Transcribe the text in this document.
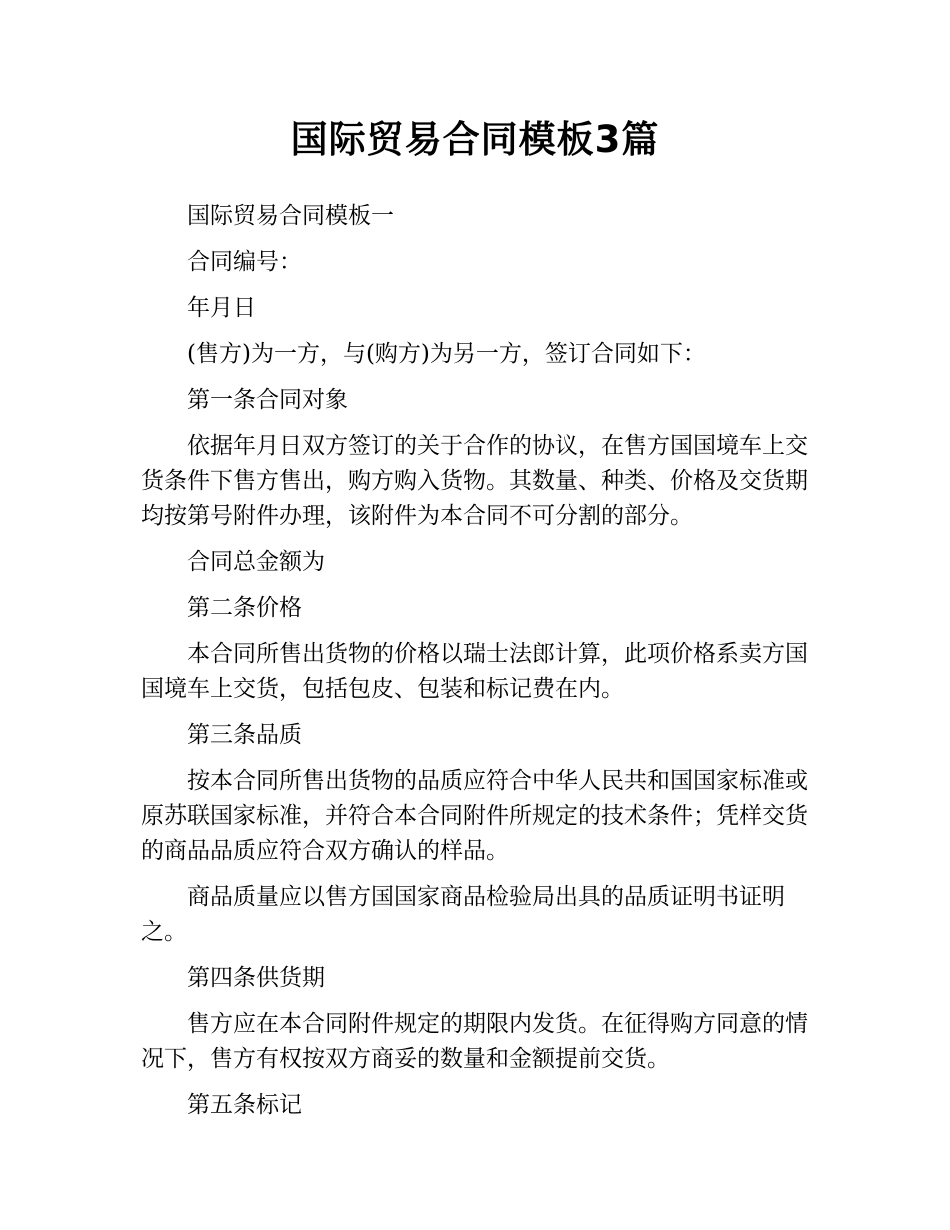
国际贸易合同模板3篇

国际贸易合同模板一

合同编号：

年月日

(售方)为一方，与(购方)为另一方，签订合同如下：

第一条合同对象

依据年月日双方签订的关于合作的协议，在售方国国境车上交货条件下售方售出，购方购入货物。其数量、种类、价格及交货期均按第号附件办理，该附件为本合同不可分割的部分。

合同总金额为

第二条价格

本合同所售出货物的价格以瑞士法郎计算，此项价格系卖方国国境车上交货，包括包皮、包装和标记费在内。

第三条品质

按本合同所售出货物的品质应符合中华人民共和国国家标准或原苏联国家标准，并符合本合同附件所规定的技术条件；凭样交货的商品品质应符合双方确认的样品。

商品质量应以售方国国家商品检验局出具的品质证明书证明之。

第四条供货期

售方应在本合同附件规定的期限内发货。在征得购方同意的情况下，售方有权按双方商妥的数量和金额提前交货。

第五条标记
